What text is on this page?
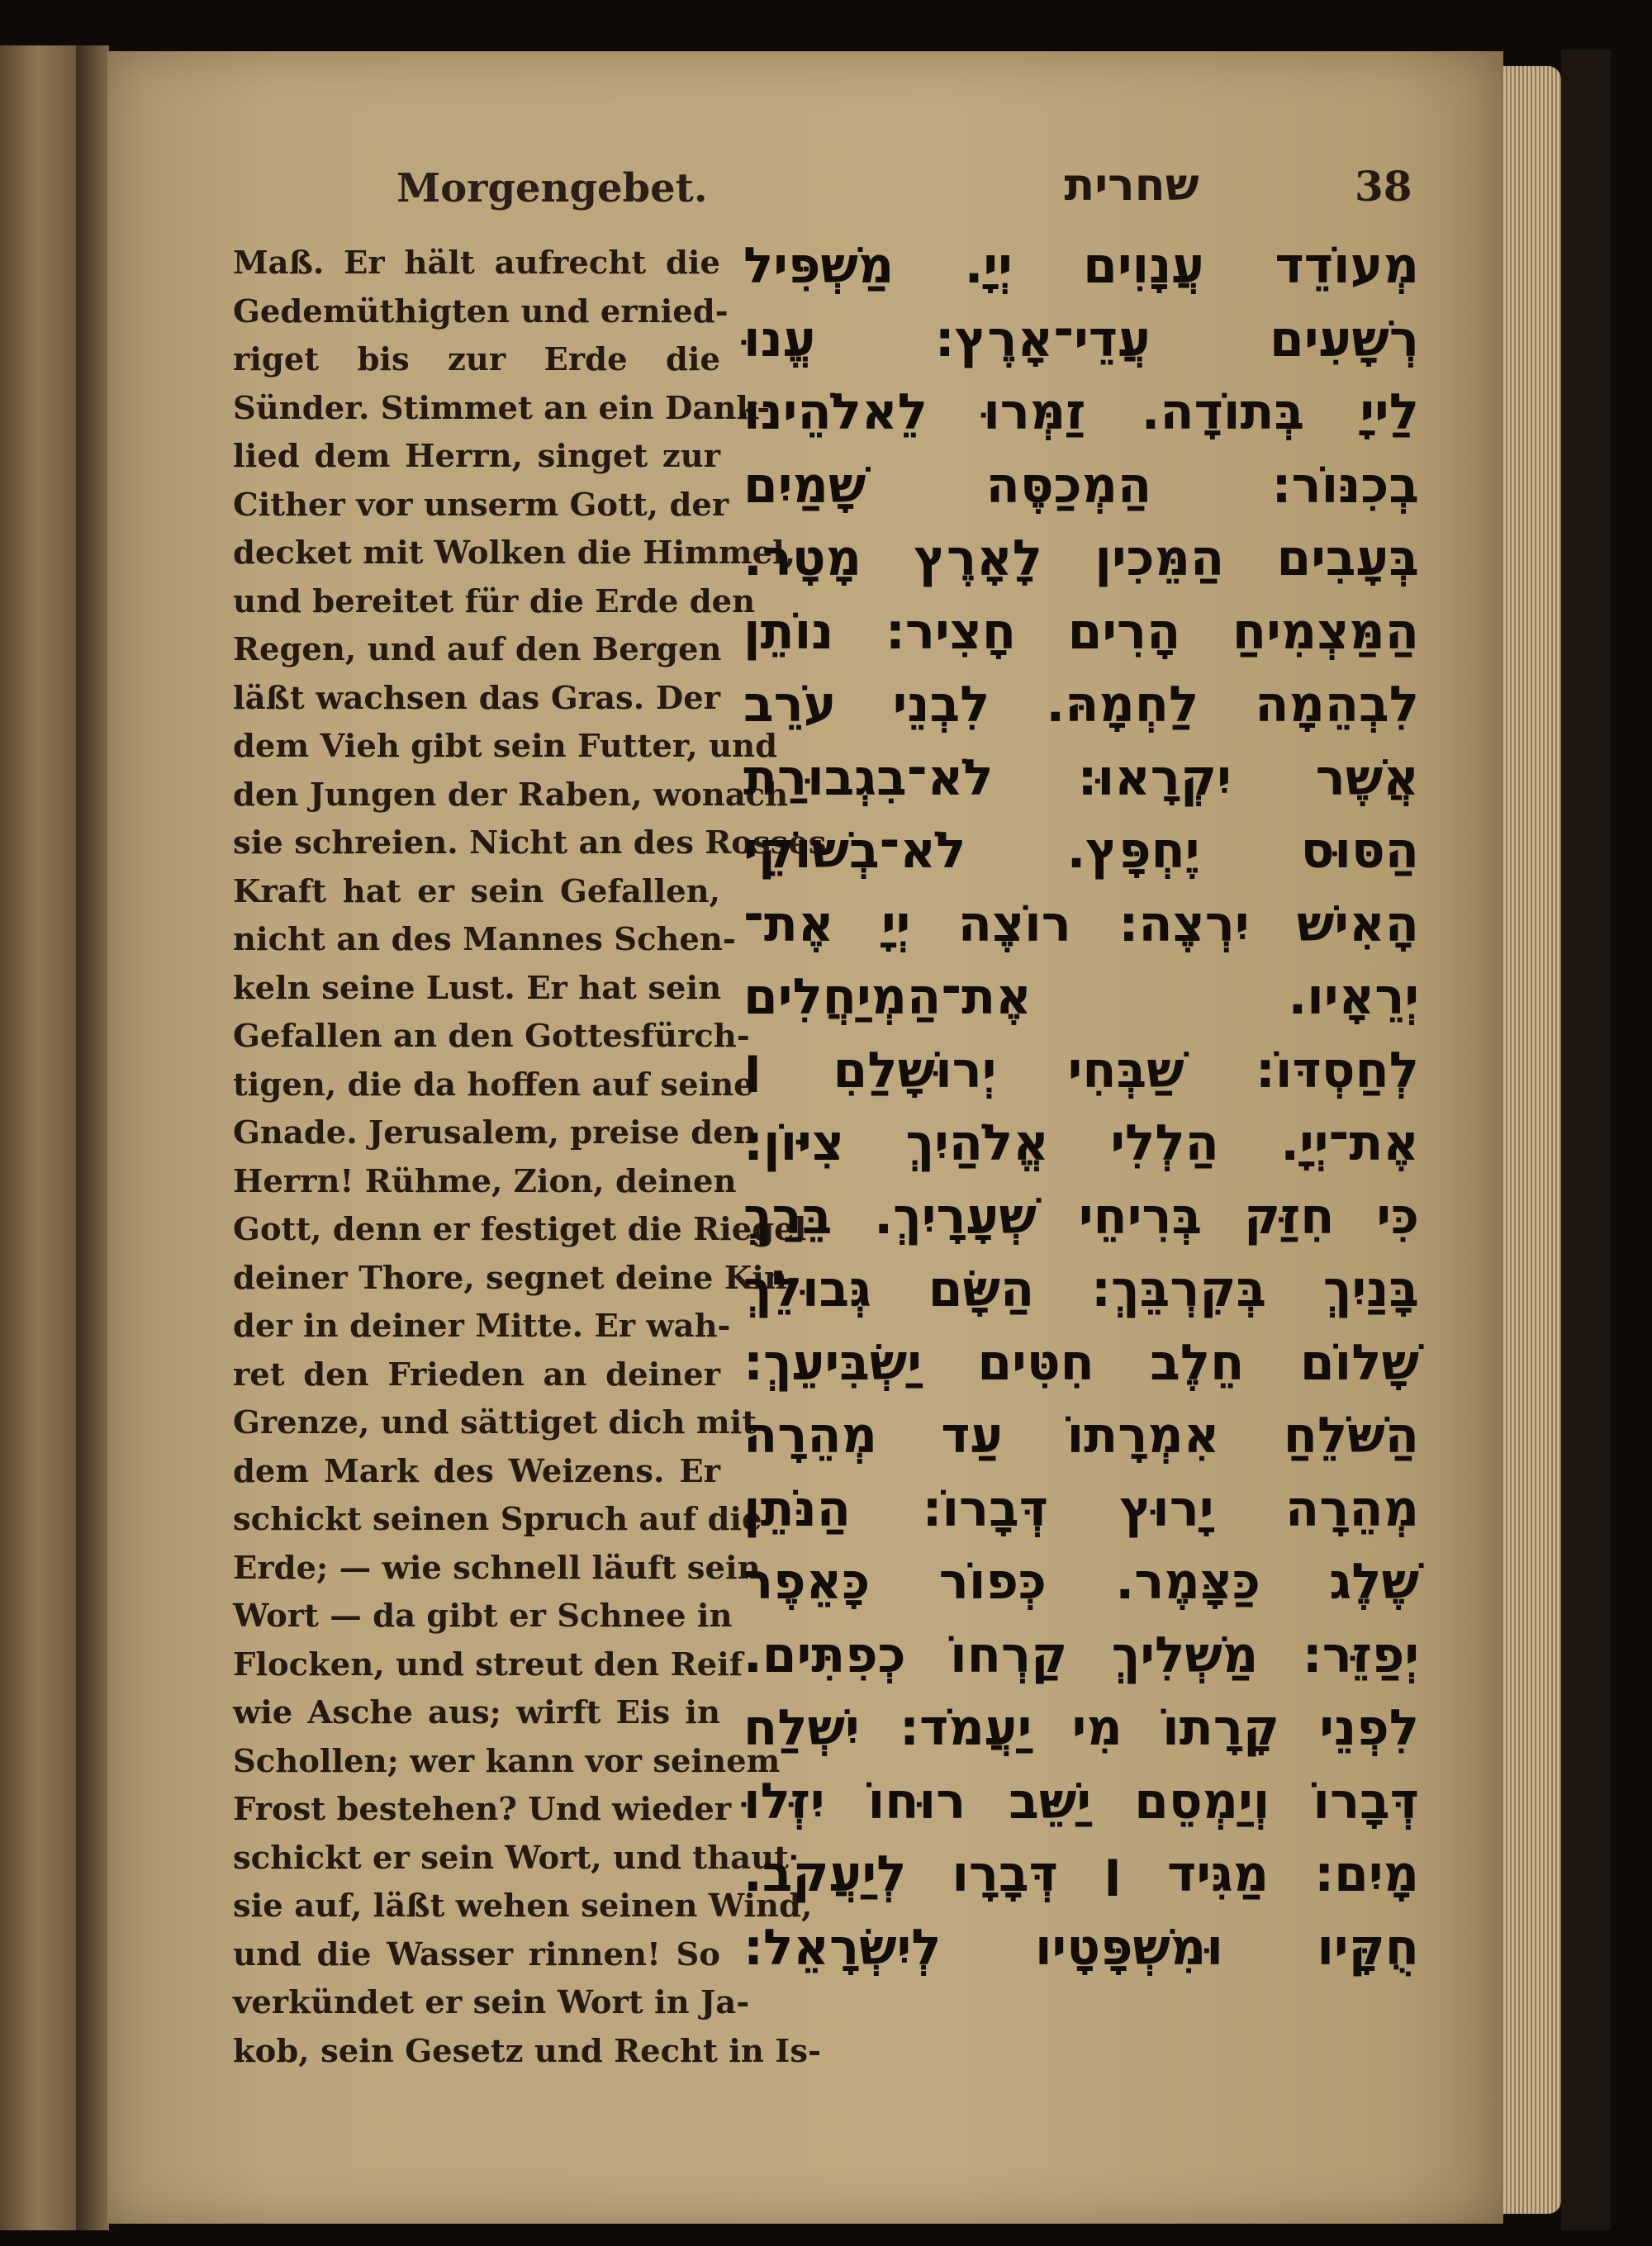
Morgengebet.	שחרית	38
Maß. Er hält aufrecht die
Gedemüthigten und ernied-
riget bis zur Erde die
Sünder. Stimmet an ein Dank-
lied dem Herrn, singet zur
Cither vor unserm Gott, der
decket mit Wolken die Himmel,
und bereitet für die Erde den
Regen, und auf den Bergen
läßt wachsen das Gras. Der
dem Vieh gibt sein Futter, und
den Jungen der Raben, wonach
sie schreien. Nicht an des Rosses
Kraft hat er sein Gefallen,
nicht an des Mannes Schen-
keln seine Lust. Er hat sein
Gefallen an den Gottesfürch-
tigen, die da hoffen auf seine
Gnade. Jerusalem, preise den
Herrn! Rühme, Zion, deinen
Gott, denn er festiget die Riegel
deiner Thore, segnet deine Kin-
der in deiner Mitte. Er wah-
ret den Frieden an deiner
Grenze, und sättiget dich mit
dem Mark des Weizens. Er
schickt seinen Spruch auf die
Erde; — wie schnell läuft sein
Wort — da gibt er Schnee in
Flocken, und streut den Reif
wie Asche aus; wirft Eis in
Schollen; wer kann vor seinem
Frost bestehen? Und wieder
schickt er sein Wort, und thaut
sie auf, läßt wehen seinen Wind,
und die Wasser rinnen! So
verkündet er sein Wort in Ja-
kob, sein Gesetz und Recht in Is-
מְעוֹדֵד עֲנָוִים יְיָ. מַשְׁפִּיל
רְשָׁעִים עֲדֵי־אָרֶץ: עֱנוּ
לַייָ בְּתוֹדָה. זַמְּרוּ לֵאלֹהֵינוּ
בְכִנּוֹר: הַמְכַסֶּה שָׁמַיִם
בְּעָבִים הַמֵּכִין לָאָרֶץ מָטָר.
הַמַּצְמִיחַ הָרִים חָצִיר: נוֹתֵן
לִבְהֵמָה לַחְמָהּ. לִבְנֵי עֹרֵב
אֲשֶׁר יִקְרָאוּ: לֹא־בִגְבוּרַת
הַסּוּס יֶחְפָּץ. לֹא־בְשׁוֹקֵי
הָאִישׁ יִרְצֶה: רוֹצֶה יְיָ אֶת־
יְרֵאָיו. אֶת־הַמְיַחֲלִים
לְחַסְדּוֹ: שַׁבְּחִי יְרוּשָׁלַםִ ׀
אֶת־יְיָ. הַלְלִי אֱלֹהַיִךְ צִיּוֹן:
כִּי חִזַּק בְּרִיחֵי שְׁעָרָיִךְ. בֵּרַךְ
בָּנַיִךְ בְּקִרְבֵּךְ: הַשָּׂם גְּבוּלֵךְ
שָׁלוֹם חֵלֶב חִטִּים יַשְׂבִּיעֵךְ:
הַשֹּׁלֵחַ אִמְרָתוֹ עַד מְהֵרָה
מְהֵרָה יָרוּץ דְּבָרוֹ: הַנֹּתֵן
שֶׁלֶג כַּצָּמֶר. כְּפוֹר כָּאֵפֶר
יְפַזֵּר: מַשְׁלִיךְ קַרְחוֹ כְפִתִּים.
לִפְנֵי קָרָתוֹ מִי יַעֲמֹד: יִשְׁלַח
דְּבָרוֹ וְיַמְסֵם יַשֵּׁב רוּחוֹ יִזְּלוּ
מָיִם: מַגִּיד ׀ דְּבָרָו לְיַעֲקֹב.
חֻקָּיו וּמִשְׁפָּטָיו לְיִשְׂרָאֵל:
